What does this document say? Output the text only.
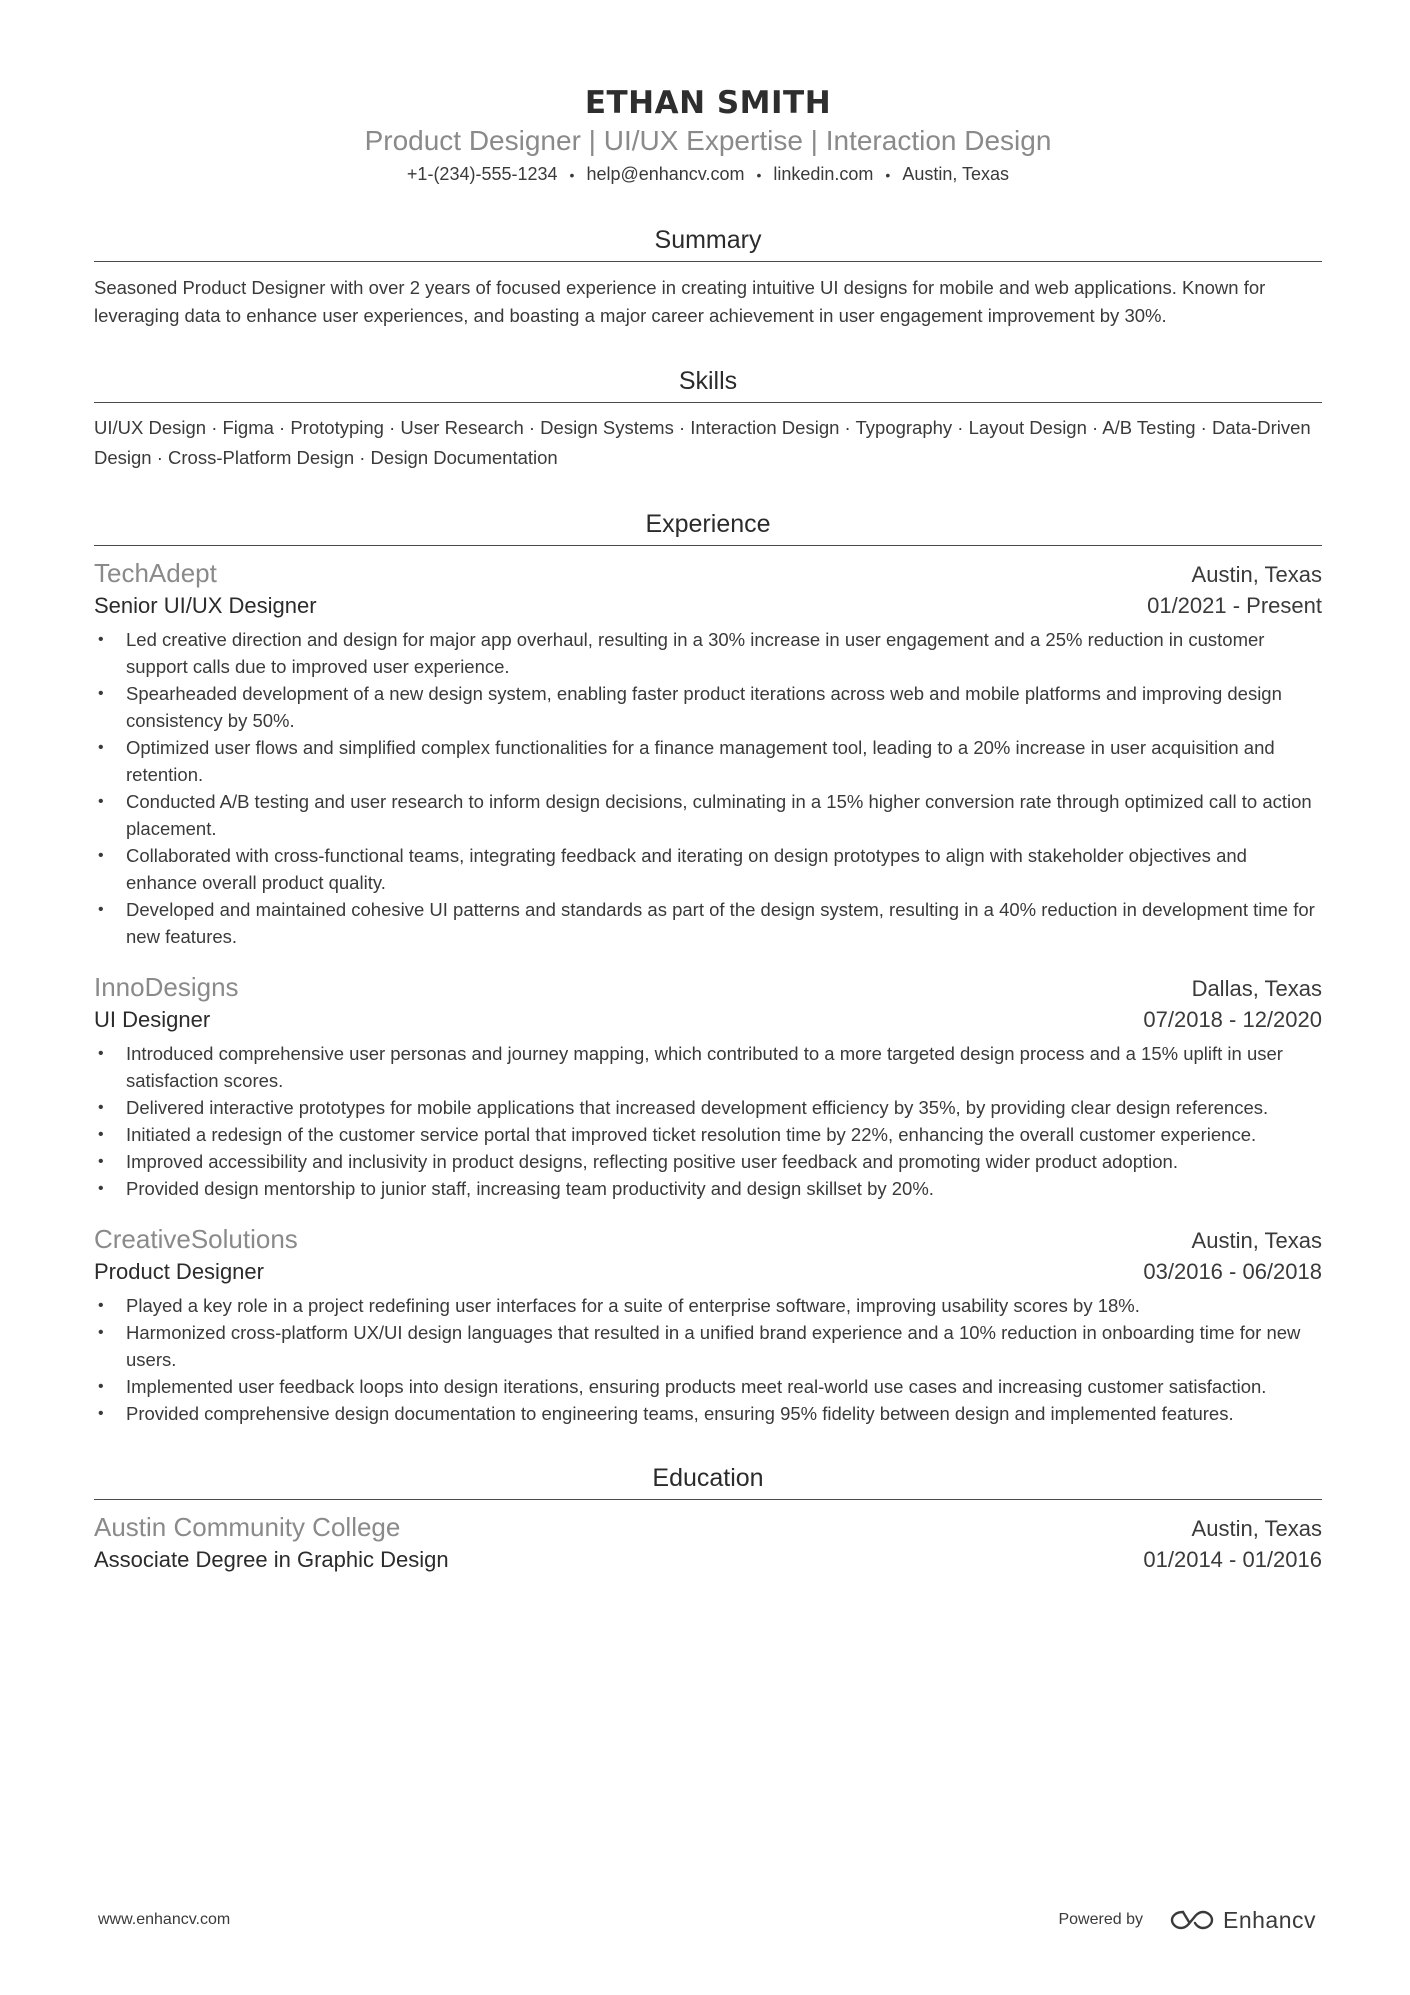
ETHAN SMITH
Product Designer | UI/UX Expertise | Interaction Design
+1-(234)-555-1234 • help@enhancv.com • linkedin.com • Austin, Texas
Summary
Seasoned Product Designer with over 2 years of focused experience in creating intuitive UI designs for mobile and web applications. Known for leveraging data to enhance user experiences, and boasting a major career achievement in user engagement improvement by 30%.
Skills
UI/UX Design · Figma · Prototyping · User Research · Design Systems · Interaction Design · Typography · Layout Design · A/B Testing · Data-Driven Design · Cross-Platform Design · Design Documentation
Experience
TechAdept	Austin, Texas
Senior UI/UX Designer	01/2021 - Present
• Led creative direction and design for major app overhaul, resulting in a 30% increase in user engagement and a 25% reduction in customer support calls due to improved user experience.
• Spearheaded development of a new design system, enabling faster product iterations across web and mobile platforms and improving design consistency by 50%.
• Optimized user flows and simplified complex functionalities for a finance management tool, leading to a 20% increase in user acquisition and retention.
• Conducted A/B testing and user research to inform design decisions, culminating in a 15% higher conversion rate through optimized call to action placement.
• Collaborated with cross-functional teams, integrating feedback and iterating on design prototypes to align with stakeholder objectives and enhance overall product quality.
• Developed and maintained cohesive UI patterns and standards as part of the design system, resulting in a 40% reduction in development time for new features.
InnoDesigns	Dallas, Texas
UI Designer	07/2018 - 12/2020
• Introduced comprehensive user personas and journey mapping, which contributed to a more targeted design process and a 15% uplift in user satisfaction scores.
• Delivered interactive prototypes for mobile applications that increased development efficiency by 35%, by providing clear design references.
• Initiated a redesign of the customer service portal that improved ticket resolution time by 22%, enhancing the overall customer experience.
• Improved accessibility and inclusivity in product designs, reflecting positive user feedback and promoting wider product adoption.
• Provided design mentorship to junior staff, increasing team productivity and design skillset by 20%.
CreativeSolutions	Austin, Texas
Product Designer	03/2016 - 06/2018
• Played a key role in a project redefining user interfaces for a suite of enterprise software, improving usability scores by 18%.
• Harmonized cross-platform UX/UI design languages that resulted in a unified brand experience and a 10% reduction in onboarding time for new users.
• Implemented user feedback loops into design iterations, ensuring products meet real-world use cases and increasing customer satisfaction.
• Provided comprehensive design documentation to engineering teams, ensuring 95% fidelity between design and implemented features.
Education
Austin Community College	Austin, Texas
Associate Degree in Graphic Design	01/2014 - 01/2016
www.enhancv.com	Powered by	Enhancv
